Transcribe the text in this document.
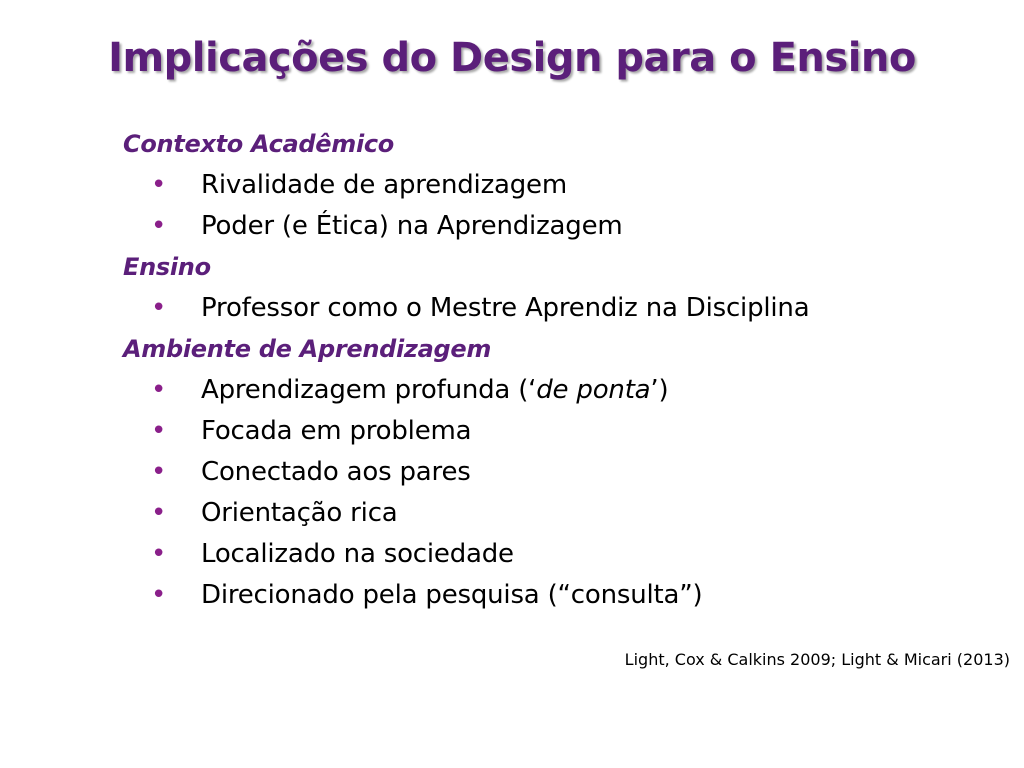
Implicações do Design para o Ensino
Contexto Acadêmico
• Rivalidade de aprendizagem
• Poder (e Ética) na Aprendizagem
Ensino
• Professor como o Mestre Aprendiz na Disciplina
Ambiente de Aprendizagem
• Aprendizagem profunda (‘de ponta’)
• Focada em problema
• Conectado aos pares
• Orientação rica
• Localizado na sociedade
• Direcionado pela pesquisa (“consulta”)
Light, Cox & Calkins 2009; Light & Micari (2013)
